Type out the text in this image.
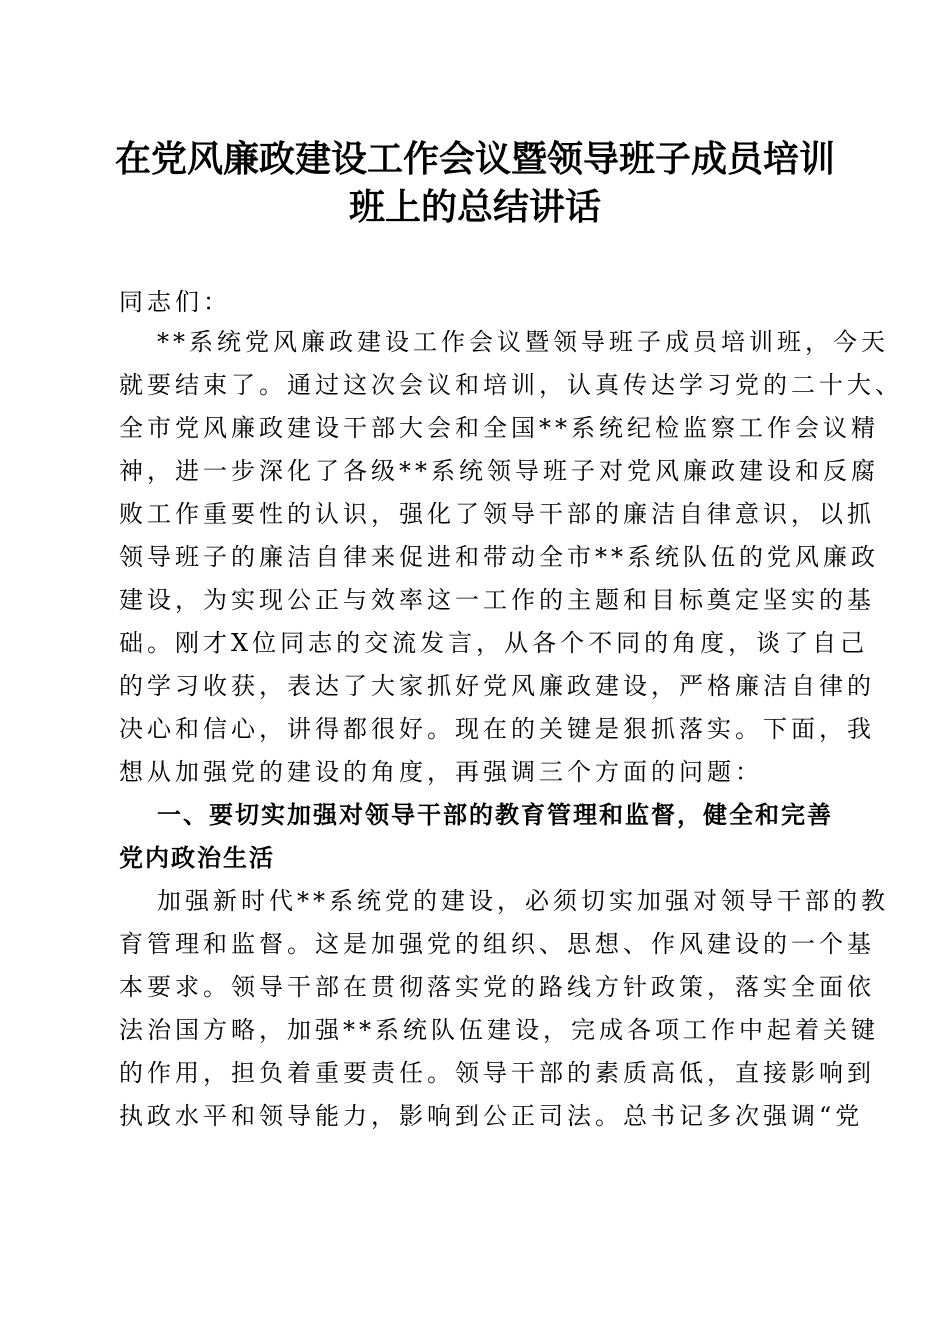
在党风廉政建设工作会议暨领导班子成员培训
班上的总结讲话
同志们：
**系统党风廉政建设工作会议暨领导班子成员培训班，今天
就要结束了。通过这次会议和培训，认真传达学习党的二十大、
全市党风廉政建设干部大会和全国**系统纪检监察工作会议精
神，进一步深化了各级**系统领导班子对党风廉政建设和反腐
败工作重要性的认识，强化了领导干部的廉洁自律意识，以抓
领导班子的廉洁自律来促进和带动全市**系统队伍的党风廉政
建设，为实现公正与效率这一工作的主题和目标奠定坚实的基
础。刚才X位同志的交流发言，从各个不同的角度，谈了自己
的学习收获，表达了大家抓好党风廉政建设，严格廉洁自律的
决心和信心，讲得都很好。现在的关键是狠抓落实。下面，我
想从加强党的建设的角度，再强调三个方面的问题：
一、要切实加强对领导干部的教育管理和监督，健全和完善
党内政治生活
加强新时代**系统党的建设，必须切实加强对领导干部的教
育管理和监督。这是加强党的组织、思想、作风建设的一个基
本要求。领导干部在贯彻落实党的路线方针政策，落实全面依
法治国方略，加强**系统队伍建设，完成各项工作中起着关键
的作用，担负着重要责任。领导干部的素质高低，直接影响到
执政水平和领导能力，影响到公正司法。总书记多次强调“党
